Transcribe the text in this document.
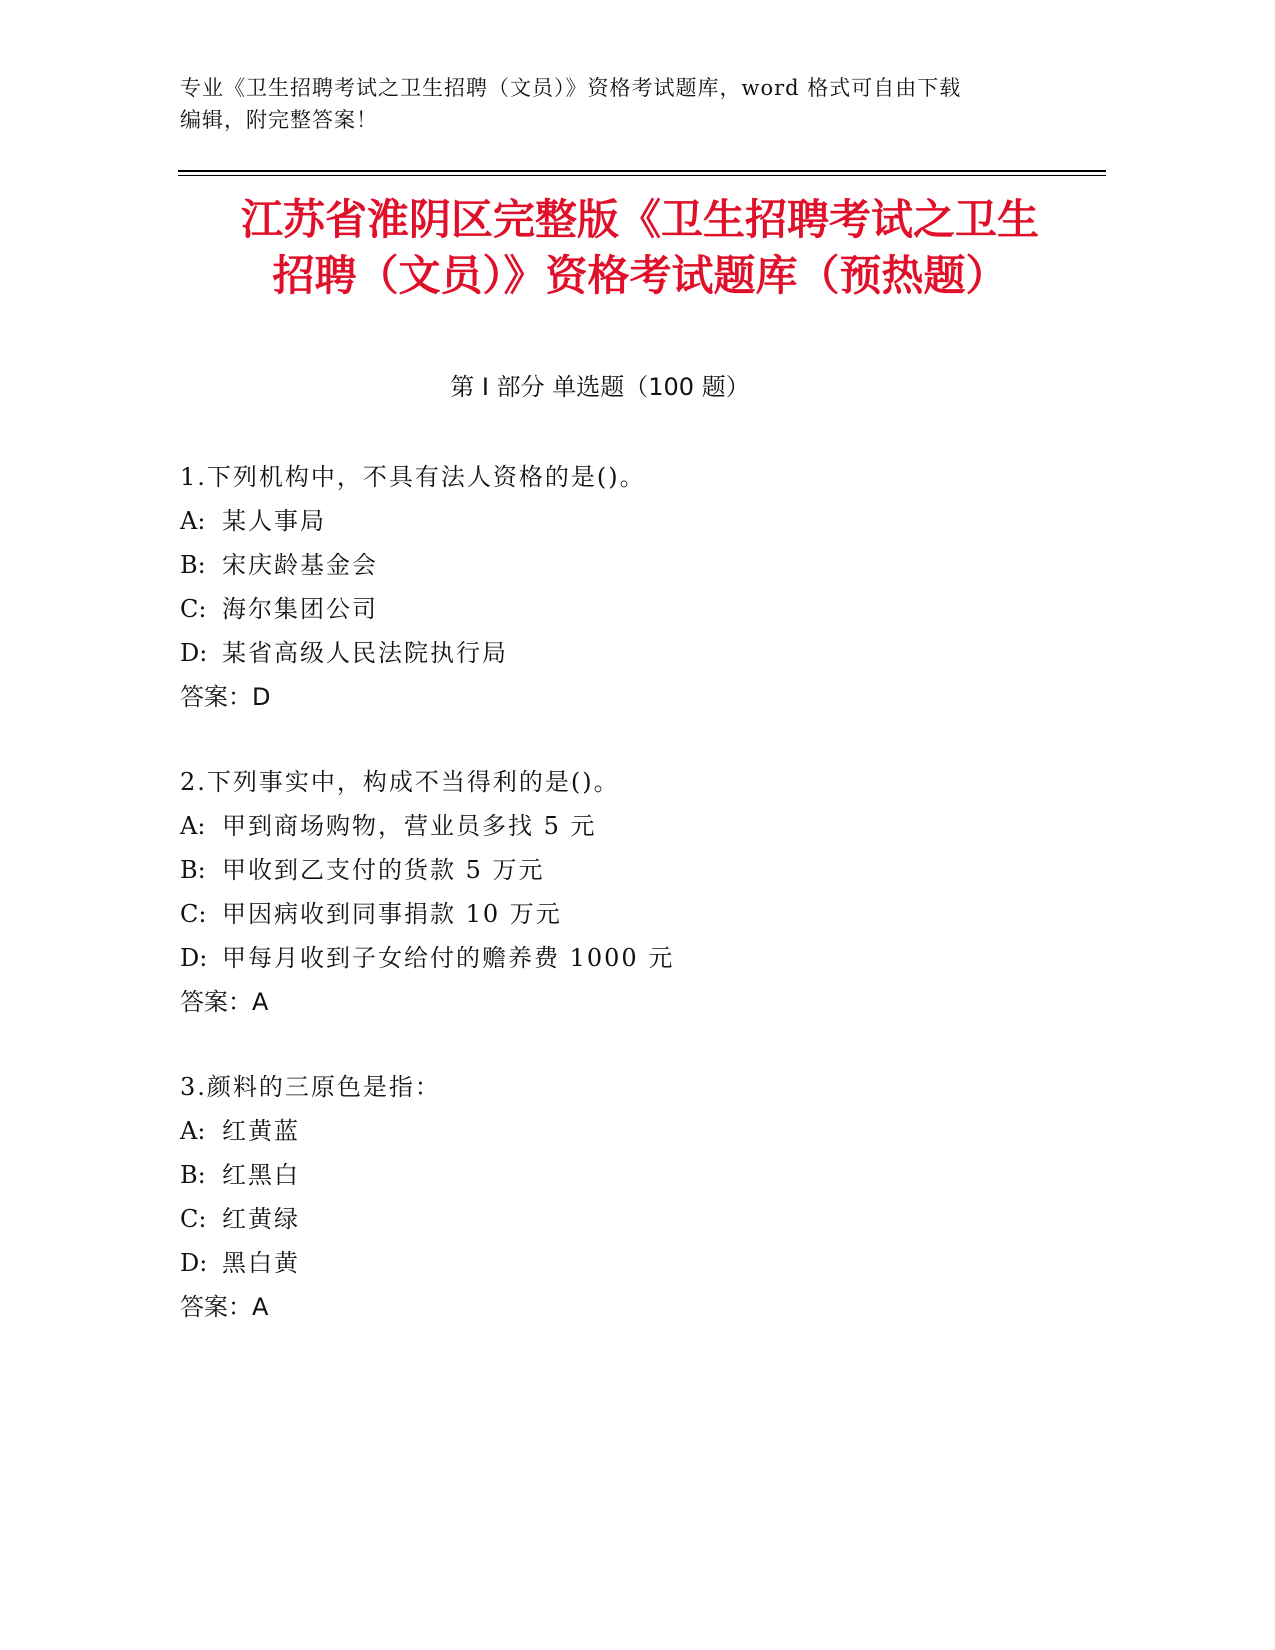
专业《卫生招聘考试之卫生招聘（文员）》资格考试题库，word 格式可自由下载
编辑，附完整答案！
江苏省淮阴区完整版《卫生招聘考试之卫生
招聘（文员）》资格考试题库（预热题）
第 I 部分 单选题（100 题）
1.下列机构中，不具有法人资格的是()。
A: 某人事局
B: 宋庆龄基金会
C: 海尔集团公司
D: 某省高级人民法院执行局
答案：D
2.下列事实中，构成不当得利的是()。
A: 甲到商场购物，营业员多找 5 元
B: 甲收到乙支付的货款 5 万元
C: 甲因病收到同事捐款 10 万元
D: 甲每月收到子女给付的赡养费 1000 元
答案：A
3.颜料的三原色是指：
A: 红黄蓝
B: 红黑白
C: 红黄绿
D: 黑白黄
答案：A
